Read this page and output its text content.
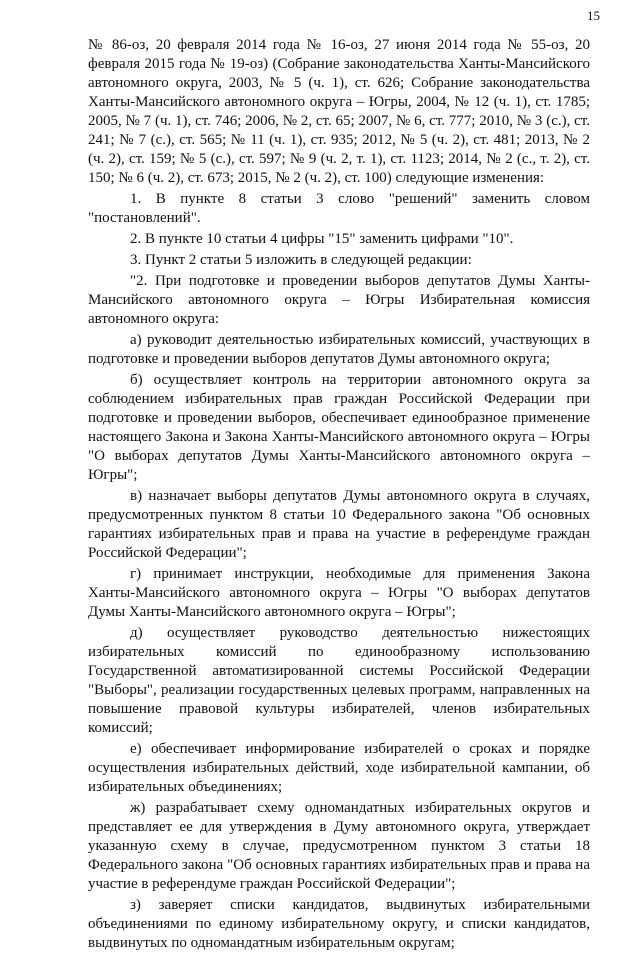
15

№ 86-оз, 20 февраля 2014 года № 16-оз, 27 июня 2014 года № 55-оз, 20 февраля 2015 года № 19-оз) (Собрание законодательства Ханты-Мансийского автономного округа, 2003, № 5 (ч. 1), ст. 626; Собрание законодательства Ханты-Мансийского автономного округа – Югры, 2004, № 12 (ч. 1), ст. 1785; 2005, № 7 (ч. 1), ст. 746; 2006, № 2, ст. 65; 2007, № 6, ст. 777; 2010, № 3 (с.), ст. 241; № 7 (с.), ст. 565; № 11 (ч. 1), ст. 935; 2012, № 5 (ч. 2), ст. 481; 2013, № 2 (ч. 2), ст. 159; № 5 (с.), ст. 597; № 9 (ч. 2, т. 1), ст. 1123; 2014, № 2 (с., т. 2), ст. 150; № 6 (ч. 2), ст. 673; 2015, № 2 (ч. 2), ст. 100) следующие изменения:

1. В пункте 8 статьи 3 слово "решений" заменить словом "постановлений".

2. В пункте 10 статьи 4 цифры "15" заменить цифрами "10".

3. Пункт 2 статьи 5 изложить в следующей редакции:

"2. При подготовке и проведении выборов депутатов Думы Ханты-Мансийского автономного округа – Югры Избирательная комиссия автономного округа:

а) руководит деятельностью избирательных комиссий, участвующих в подготовке и проведении выборов депутатов Думы автономного округа;

б) осуществляет контроль на территории автономного округа за соблюдением избирательных прав граждан Российской Федерации при подготовке и проведении выборов, обеспечивает единообразное применение настоящего Закона и Закона Ханты-Мансийского автономного округа – Югры "О выборах депутатов Думы Ханты-Мансийского автономного округа – Югры";

в) назначает выборы депутатов Думы автономного округа в случаях, предусмотренных пунктом 8 статьи 10 Федерального закона "Об основных гарантиях избирательных прав и права на участие в референдуме граждан Российской Федерации";

г) принимает инструкции, необходимые для применения Закона Ханты-Мансийского автономного округа – Югры "О выборах депутатов Думы Ханты-Мансийского автономного округа – Югры";

д) осуществляет руководство деятельностью нижестоящих избирательных комиссий по единообразному использованию Государственной автоматизированной системы Российской Федерации "Выборы", реализации государственных целевых программ, направленных на повышение правовой культуры избирателей, членов избирательных комиссий;

е) обеспечивает информирование избирателей о сроках и порядке осуществления избирательных действий, ходе избирательной кампании, об избирательных объединениях;

ж) разрабатывает схему одномандатных избирательных округов и представляет ее для утверждения в Думу автономного округа, утверждает указанную схему в случае, предусмотренном пунктом 3 статьи 18 Федерального закона "Об основных гарантиях избирательных прав и права на участие в референдуме граждан Российской Федерации";

з) заверяет списки кандидатов, выдвинутых избирательными объединениями по единому избирательному округу, и списки кандидатов, выдвинутых по одномандатным избирательным округам;
